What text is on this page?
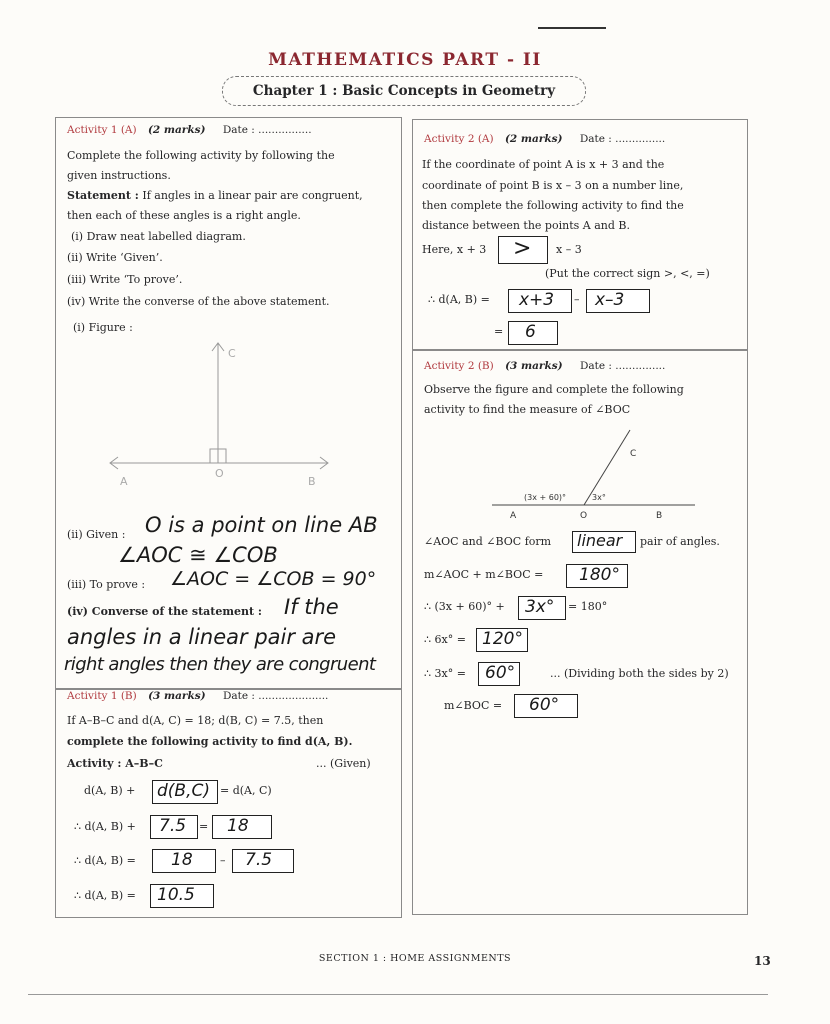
MATHEMATICS PART - II
Chapter 1 : Basic Concepts in Geometry
Activity 1 (A) (2 marks) Date : ................
Complete the following activity by following the
given instructions.
Statement : If angles in a linear pair are congruent,
then each of these angles is a right angle.
(i) Draw neat labelled diagram.
(ii) Write ‘Given’.
(iii) Write ‘To prove’.
(iv) Write the converse of the above statement.
(i) Figure :
C
A
O
B
(ii) Given : O is a point on line AB
∠AOC ≅ ∠COB
(iii) To prove : ∠AOC = ∠COB = 90°
(iv) Converse of the statement : If the
angles in a linear pair are
right angles then they are congruent
Activity 1 (B) (3 marks) Date : .....................
If A–B–C and d(A, C) = 18; d(B, C) = 7.5, then
complete the following activity to find d(A, B).
Activity : A–B–C	... (Given)
d(A, B) + d(B,C) = d(A, C)
∴ d(A, B) + 7.5 = 18
∴ d(A, B) = 18 – 7.5
∴ d(A, B) = 10.5
Activity 2 (A) (2 marks) Date : ...............
If the coordinate of point A is x + 3 and the
coordinate of point B is x – 3 on a number line,
then complete the following activity to find the
distance between the points A and B.
Here, x + 3 > x – 3
(Put the correct sign >, <, =)
∴ d(A, B) = x+3 – x–3
= 6
Activity 2 (B) (3 marks) Date : ...............
Observe the figure and complete the following
activity to find the measure of ∠BOC
C
(3x + 60)°	3x°
A	O	B
∠AOC and ∠BOC form linear pair of angles.
m∠AOC + m∠BOC = 180°
∴ (3x + 60)° + 3x° = 180°
∴ 6x° = 120°
∴ 3x° = 60°	... (Dividing both the sides by 2)
m∠BOC = 60°
SECTION 1 : HOME ASSIGNMENTS	13
